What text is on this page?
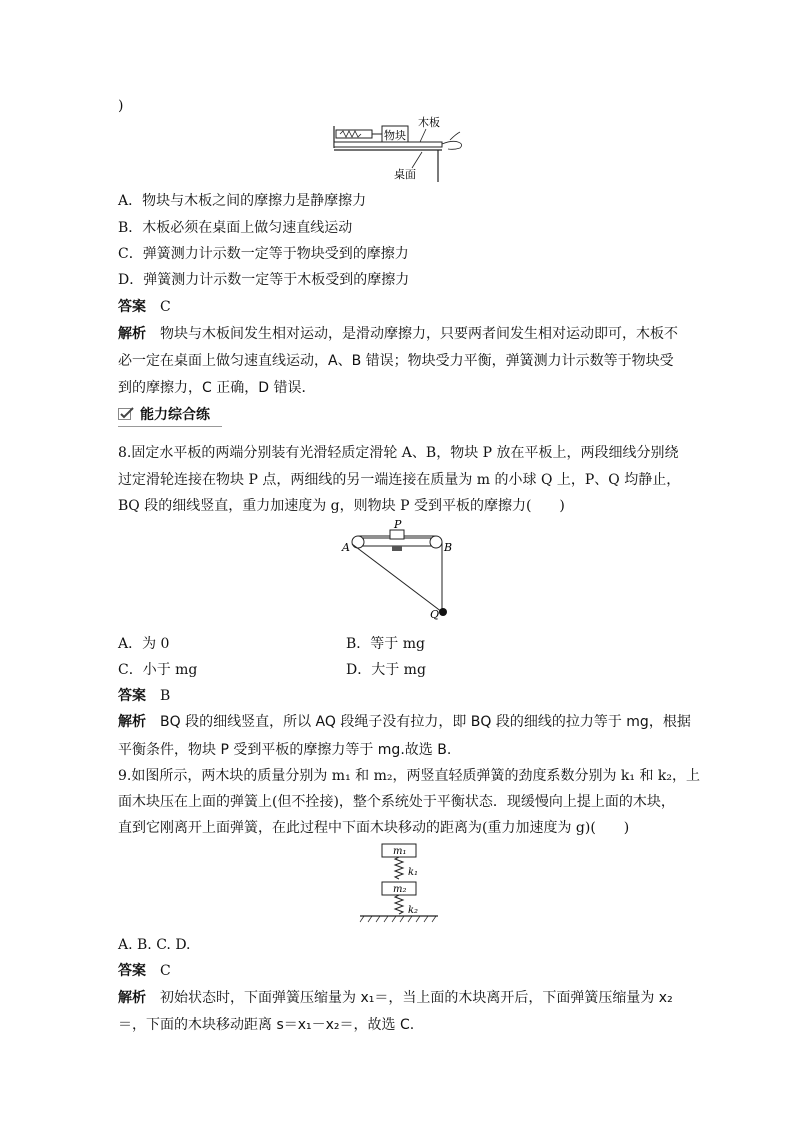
)
物块
木板
桌面
A．物块与木板之间的摩擦力是静摩擦力
B．木板必须在桌面上做匀速直线运动
C．弹簧测力计示数一定等于物块受到的摩擦力
D．弹簧测力计示数一定等于木板受到的摩擦力
答案 C
解析 物块与木板间发生相对运动，是滑动摩擦力，只要两者间发生相对运动即可，木板不
必一定在桌面上做匀速直线运动，A、B 错误；物块受力平衡，弹簧测力计示数等于物块受
到的摩擦力，C 正确，D 错误．
能力综合练
8.固定水平板的两端分别装有光滑轻质定滑轮 A、B，物块 P 放在平板上，两段细线分别绕
过定滑轮连接在物块 P 点，两细线的另一端连接在质量为 m 的小球 Q 上，P、Q 均静止，
BQ 段的细线竖直，重力加速度为 g，则物块 P 受到平板的摩擦力(　　)
P
A	B
Q
A．为 0	B．等于 mg
C．小于 mg	D．大于 mg
答案 B
解析 BQ 段的细线竖直，所以 AQ 段绳子没有拉力，即 BQ 段的细线的拉力等于 mg，根据
平衡条件，物块 P 受到平板的摩擦力等于 mg.故选 B.
9.如图所示，两木块的质量分别为 m₁ 和 m₂，两竖直轻质弹簧的劲度系数分别为 k₁ 和 k₂，上
面木块压在上面的弹簧上(但不拴接)，整个系统处于平衡状态．现缓慢向上提上面的木块，
直到它刚离开上面弹簧，在此过程中下面木块移动的距离为(重力加速度为 g)(　　)
m₁
k₁
m₂
k₂
A. B. C. D.
答案 C
解析 初始状态时，下面弹簧压缩量为 x₁＝，当上面的木块离开后，下面弹簧压缩量为 x₂
＝，下面的木块移动距离 s＝x₁－x₂＝，故选 C.
